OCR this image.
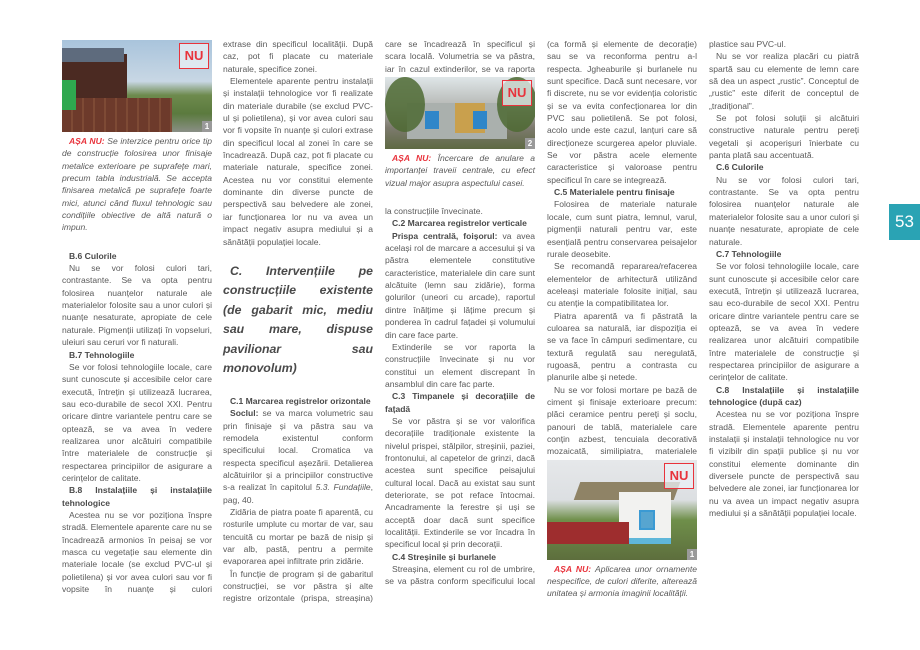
NU
1

AȘA NU: Se interzice pentru orice tip de construcție folosirea unor finisaje metalice exterioare pe suprafețe mari, precum tabla industrială. Se accepta finisarea metalică pe suprafețe foarte mici, atunci când fluxul tehnologic sau condițiile obiective de altă natură o impun.

B.6 Culorile

Nu se vor folosi culori tari, contrastante. Se va opta pentru folosirea nuanțelor naturale ale materialelor folosite sau a unor culori și nuanțe nesaturate, apropiate de cele naturale. Pigmenții utilizați în vopseluri, uleiuri sau ceruri vor fi naturali.

B.7 Tehnologiile

Se vor folosi tehnologiile locale, care sunt cunoscute și accesibile celor care execută, întrețin și utilizează lucrarea, sau eco-durabile de secol XXI. Pentru oricare dintre variantele pentru care se optează, se va avea în vedere realizarea unor alcătuiri compatibile între materialele de construcție și respectarea principiilor de asigurare a cerințelor de calitate.

B.8 Instalațiile și instalațiile tehnologice

Acestea nu se vor poziționa înspre stradă. Elementele aparente care nu se încadrează armonios în peisaj se vor masca cu vegetație sau elemente din materiale locale (se exclud PVC-ul și polietilena) și vor avea culori sau vor fi vopsite în nuanțe și culori

extrase din specificul localității. După caz, pot fi placate cu materiale naturale, specifice zonei.

Elementele aparente pentru instalații și instalații tehnologice vor fi realizate din materiale durabile (se exclud PVC-ul și polietilena), și vor avea culori sau vor fi vopsite în nuanțe și culori extrase din specificul local al zonei în care se încadrează. După caz, pot fi placate cu materiale naturale, specifice zonei. Acestea nu vor constitui elemente dominante din diverse puncte de perspectivă sau belvedere ale zonei, iar funcționarea lor nu va avea un impact negativ asupra mediului și a sănătății populației locale.

C. Intervențiile pe construcțiile existente (de gabarit mic, mediu sau mare, dispuse pavilionar sau monovolum)

C.1 Marcarea registrelor orizontale

Soclul: se va marca volumetric sau prin finisaje și va păstra sau va remodela existentul conform specificului local. Cromatica va respecta specificul așezării. Detalierea alcătuirilor și a principiilor constructive s-a realizat în capitolul 5.3. Fundațiile, pag, 40.

Zidăria de piatra poate fi aparentă, cu rosturile umplute cu mortar de var, sau tencuită cu mortar pe bază de nisip și var alb, pastă, pentru a permite evaporarea apei infiltrate prin zidărie.

În funcție de program și de gabaritul construcției, se vor păstra și alte registre orizontale (prispa, streașina)

care se încadrează în specificul și scara locală. Volumetria se va păstra, iar în cazul extinderilor, se va raporta

NU
2

AȘA NU: Încercare de anulare a importanței traveii centrale, cu efect vizual major asupra aspectului casei.

la construcțiile învecinate.

C.2 Marcarea registrelor verticale

Prispa centrală, foișorul: va avea același rol de marcare a accesului și va păstra elementele constitutive caracteristice, materialele din care sunt alcătuite (lemn sau zidărie), forma golurilor (uneori cu arcade), raportul dintre înălțime și lățime precum și ponderea în cadrul fațadei și volumului din care face parte.

Extinderile se vor raporta la construcțiile învecinate și nu vor constitui un element discrepant în ansamblul din care fac parte.

C.3 Timpanele și decorațiile de fațadă

Se vor păstra și se vor valorifica decorațiile tradiționale existente la nivelul prispei, stâlpilor, streșinii, paziei, frontonului, al capetelor de grinzi, dacă acestea sunt specifice peisajului cultural local. Dacă au existat sau sunt deteriorate, se pot reface întocmai. Ancadramente la ferestre și uși se acceptă doar dacă sunt specifice localității. Extinderile se vor încadra în specificul local și prin decorații.

C.4 Streșinile și burlanele

Streașina, element cu rol de umbrire, se va păstra conform specificului local

(ca formă și elemente de decorație) sau se va reconforma pentru a-l respecta. Jgheaburile și burlanele nu sunt specifice. Dacă sunt necesare, vor fi discrete, nu se vor evidenția coloristic și se va evita confecționarea lor din PVC sau polietilenă. Se pot folosi, acolo unde este cazul, lanțuri care să direcționeze scurgerea apelor pluviale. Se vor păstra acele elemente caracteristice și valoroase pentru specificul în care se integrează.

C.5 Materialele pentru finisaje

Folosirea de materiale naturale locale, cum sunt piatra, lemnul, varul, pigmenții naturali pentru var, este esențială pentru conservarea peisajelor rurale deosebite.

Se recomandă repararea/refacerea elementelor de arhitectură utilizând aceleași materiale folosite inițial, sau cu atenție la compatibilitatea lor.

Piatra aparentă va fi păstrată la culoarea sa naturală, iar dispoziția ei se va face în câmpuri sedimentare, cu textură regulată sau neregulată, rugoasă, pentru a contrasta cu planurile albe și netede.

Nu se vor folosi mortare pe bază de ciment și finisaje exterioare precum: plăci ceramice pentru pereți și soclu, panouri de tablă, materialele care conțin azbest, tencuiala decorativă mozaicată, similipiatra, materialele

NU
1

AȘA NU: Aplicarea unor ornamente nespecifice, de culori diferite, alterează unitatea și armonia imaginii localității.

plastice sau PVC-ul.

Nu se vor realiza placări cu piatră spartă sau cu elemente de lemn care să dea un aspect „rustic”. Conceptul de „rustic” este diferit de conceptul de „tradițional”.

Se pot folosi soluții și alcătuiri constructive naturale pentru pereți vegetali și acoperișuri înierbate cu panta plată sau accentuată.

C.6 Culorile

Nu se vor folosi culori tari, contrastante. Se va opta pentru folosirea nuanțelor naturale ale materialelor folosite sau a unor culori și nuanțe nesaturate, apropiate de cele naturale.

C.7 Tehnologiile

Se vor folosi tehnologiile locale, care sunt cunoscute și accesibile celor care execută, întrețin și utilizează lucrarea, sau eco-durabile de secol XXI. Pentru oricare dintre variantele pentru care se optează, se va avea în vedere realizarea unor alcătuiri compatibile între materialele de construcție și respectarea principiilor de asigurare a cerințelor de calitate.

C.8 Instalațiile și instalațiile tehnologice (după caz)

Acestea nu se vor poziționa înspre stradă. Elementele aparente pentru instalații și instalații tehnologice nu vor fi vizibilr din spații publice și nu vor constitui elemente dominante din diversele puncte de perspectivă sau belvedere ale zonei, iar funcționarea lor nu va avea un impact negativ asupra mediului și a sănătății populației locale.

53
